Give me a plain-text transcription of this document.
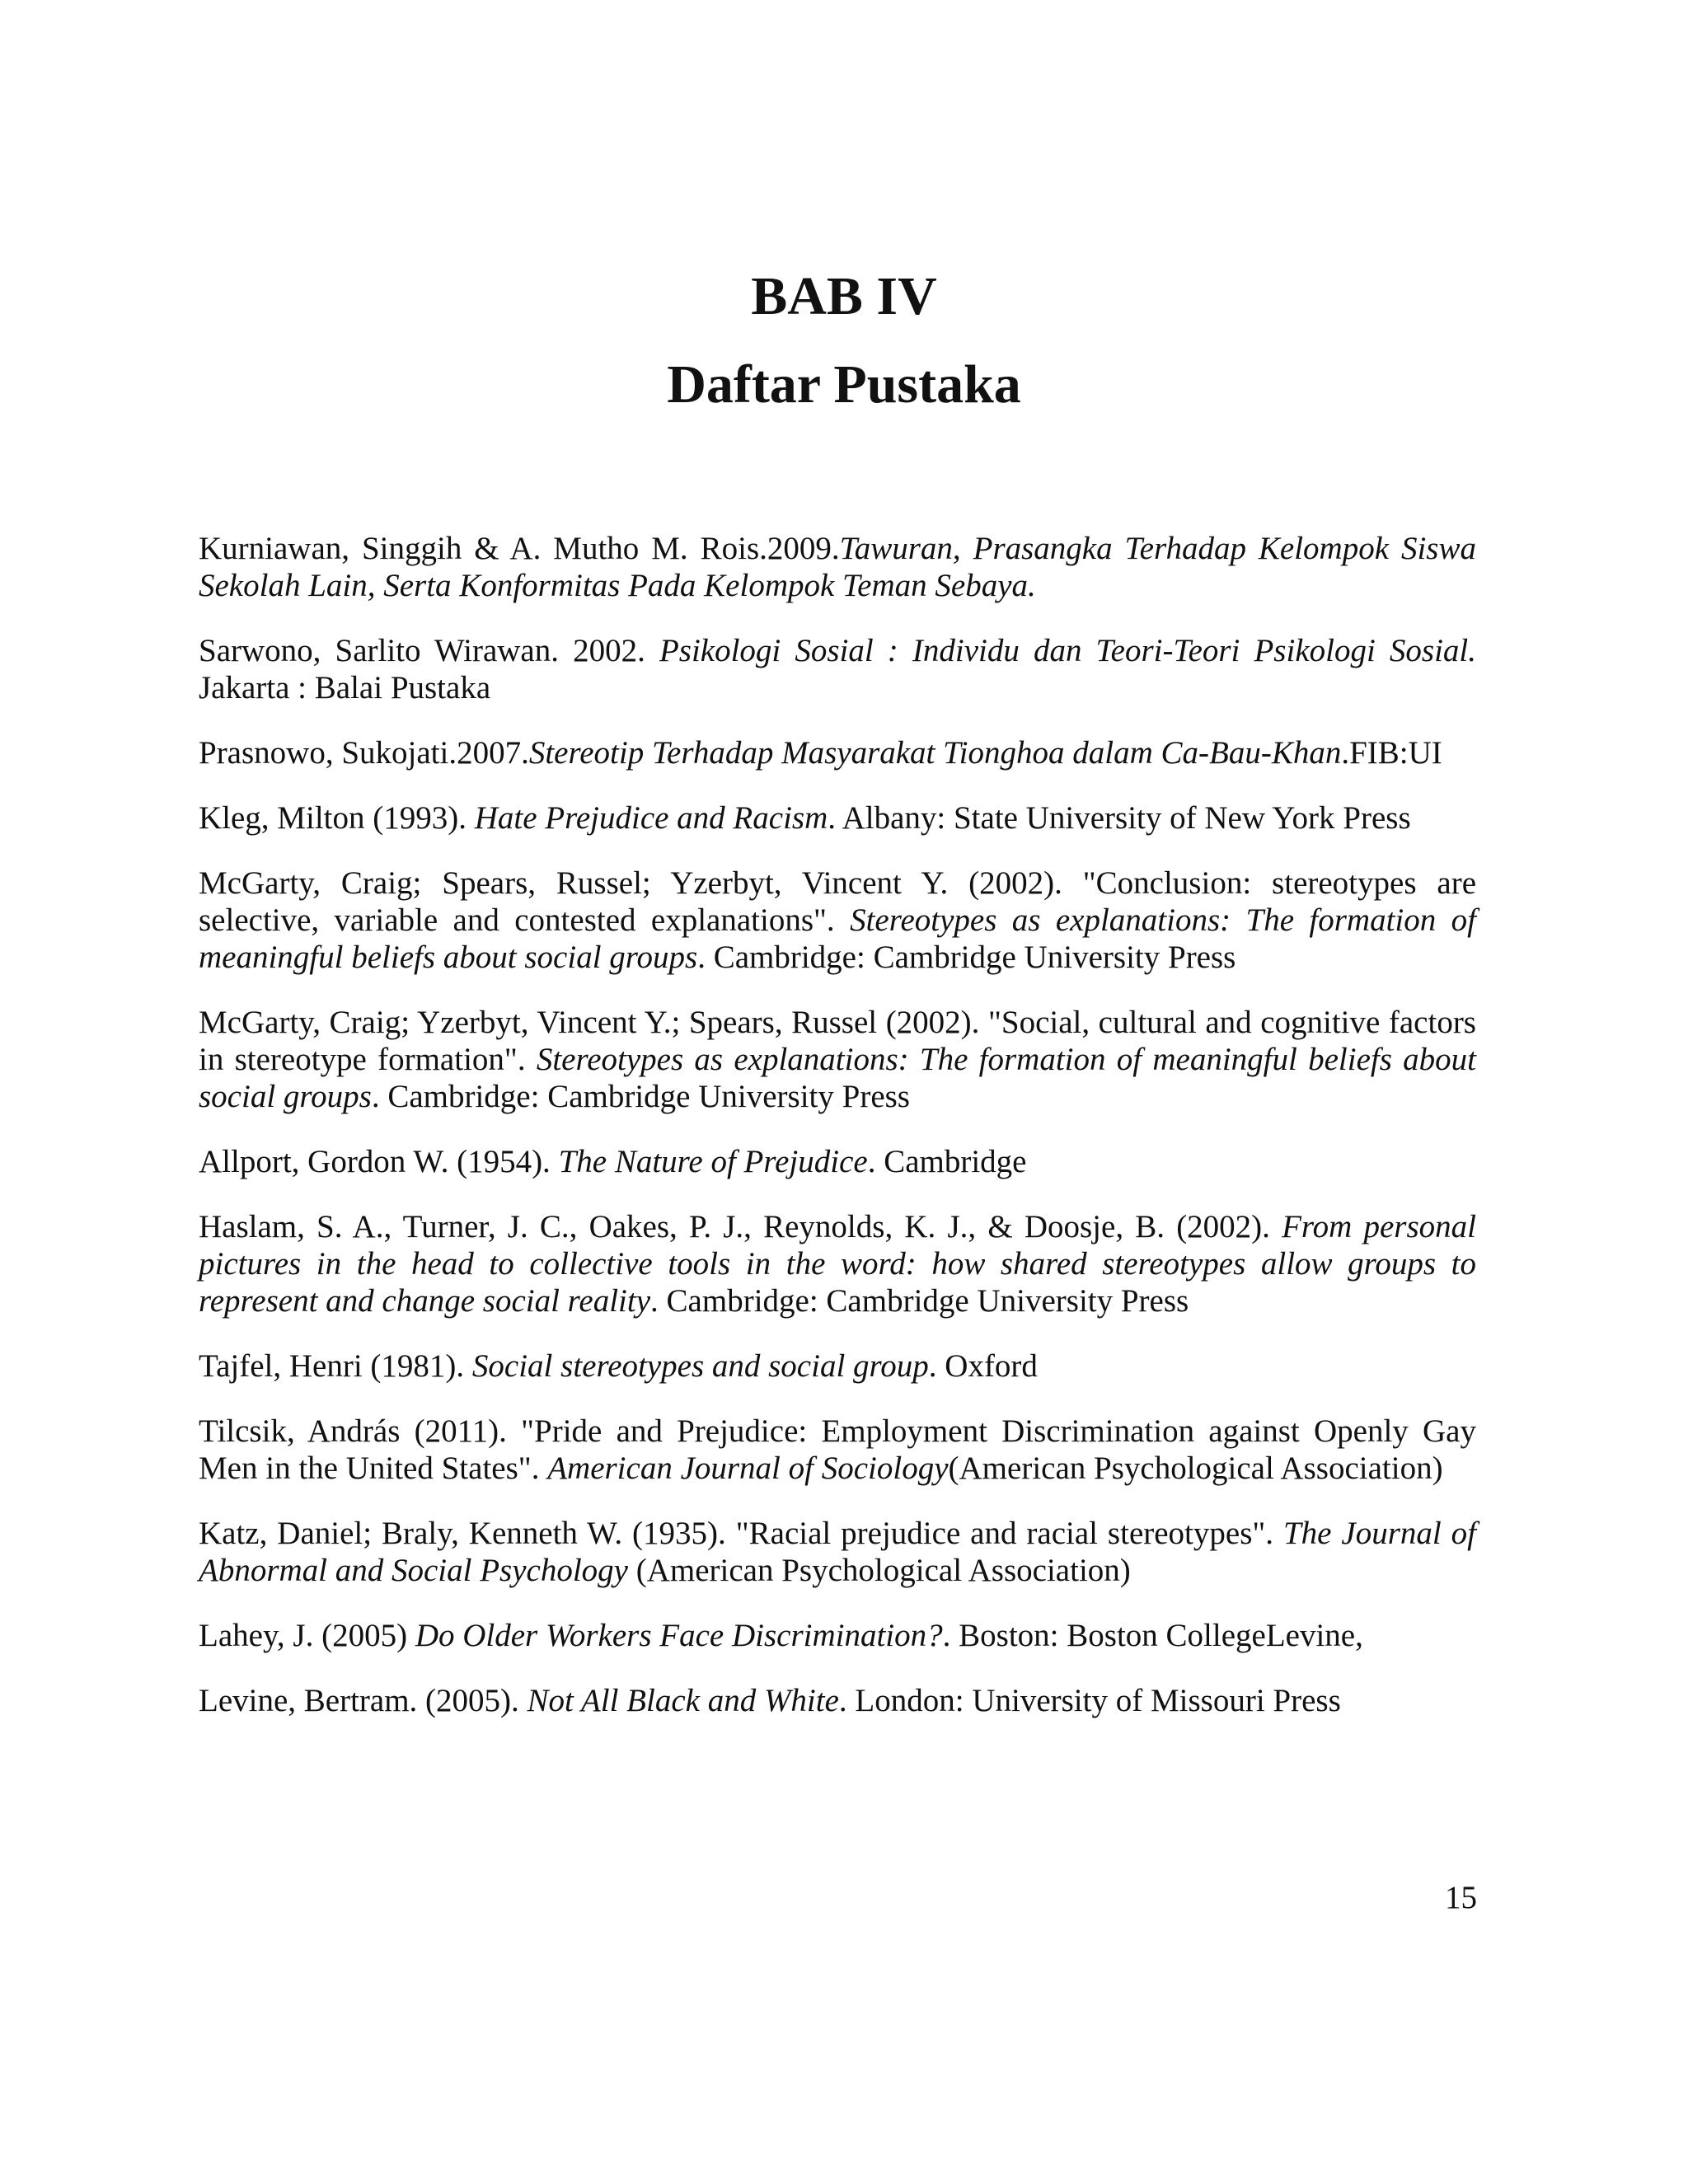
BAB IV
Daftar Pustaka

Kurniawan, Singgih & A. Mutho M. Rois.2009.Tawuran, Prasangka Terhadap Kelompok Siswa Sekolah Lain, Serta Konformitas Pada Kelompok Teman Sebaya.

Sarwono, Sarlito Wirawan. 2002. Psikologi Sosial : Individu dan Teori-Teori Psikologi Sosial. Jakarta : Balai Pustaka

Prasnowo, Sukojati.2007.Stereotip Terhadap Masyarakat Tionghoa dalam Ca-Bau-Khan.FIB:UI

Kleg, Milton (1993). Hate Prejudice and Racism. Albany: State University of New York Press

McGarty, Craig; Spears, Russel; Yzerbyt, Vincent Y. (2002). "Conclusion: stereotypes are selective, variable and contested explanations". Stereotypes as explanations: The formation of meaningful beliefs about social groups. Cambridge: Cambridge University Press

McGarty, Craig; Yzerbyt, Vincent Y.; Spears, Russel (2002). "Social, cultural and cognitive factors in stereotype formation". Stereotypes as explanations: The formation of meaningful beliefs about social groups. Cambridge: Cambridge University Press

Allport, Gordon W. (1954). The Nature of Prejudice. Cambridge

Haslam, S. A., Turner, J. C., Oakes, P. J., Reynolds, K. J., & Doosje, B. (2002). From personal pictures in the head to collective tools in the word: how shared stereotypes allow groups to represent and change social reality. Cambridge: Cambridge University Press

Tajfel, Henri (1981). Social stereotypes and social group. Oxford

Tilcsik, András (2011). "Pride and Prejudice: Employment Discrimination against Openly Gay Men in the United States". American Journal of Sociology(American Psychological Association)

Katz, Daniel; Braly, Kenneth W. (1935). "Racial prejudice and racial stereotypes". The Journal of Abnormal and Social Psychology (American Psychological Association)

Lahey, J. (2005) Do Older Workers Face Discrimination?. Boston: Boston CollegeLevine,

Levine, Bertram. (2005). Not All Black and White. London: University of Missouri Press

15
